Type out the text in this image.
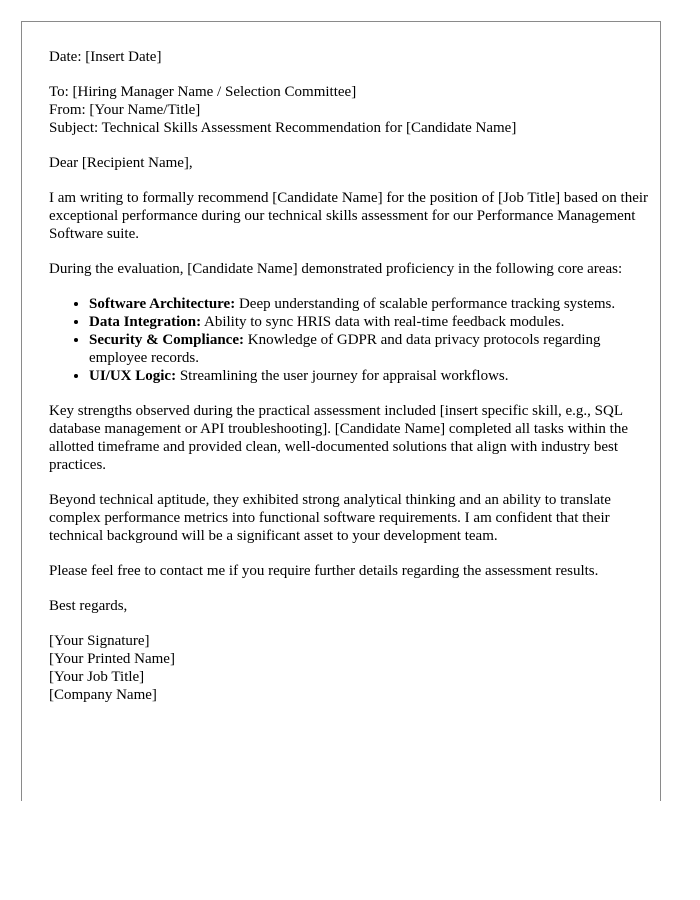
Date: [Insert Date]
To: [Hiring Manager Name / Selection Committee]
From: [Your Name/Title]
Subject: Technical Skills Assessment Recommendation for [Candidate Name]

Dear [Recipient Name],

I am writing to formally recommend [Candidate Name] for the position of [Job Title] based on their exceptional performance during our technical skills assessment for our Performance Management Software suite.

During the evaluation, [Candidate Name] demonstrated proficiency in the following core areas:

• Software Architecture: Deep understanding of scalable performance tracking systems.
• Data Integration: Ability to sync HRIS data with real-time feedback modules.
• Security & Compliance: Knowledge of GDPR and data privacy protocols regarding employee records.
• UI/UX Logic: Streamlining the user journey for appraisal workflows.

Key strengths observed during the practical assessment included [insert specific skill, e.g., SQL database management or API troubleshooting]. [Candidate Name] completed all tasks within the allotted timeframe and provided clean, well-documented solutions that align with industry best practices.

Beyond technical aptitude, they exhibited strong analytical thinking and an ability to translate complex performance metrics into functional software requirements. I am confident that their technical background will be a significant asset to your development team.

Please feel free to contact me if you require further details regarding the assessment results.

Best regards,

[Your Signature]
[Your Printed Name]
[Your Job Title]
[Company Name]
